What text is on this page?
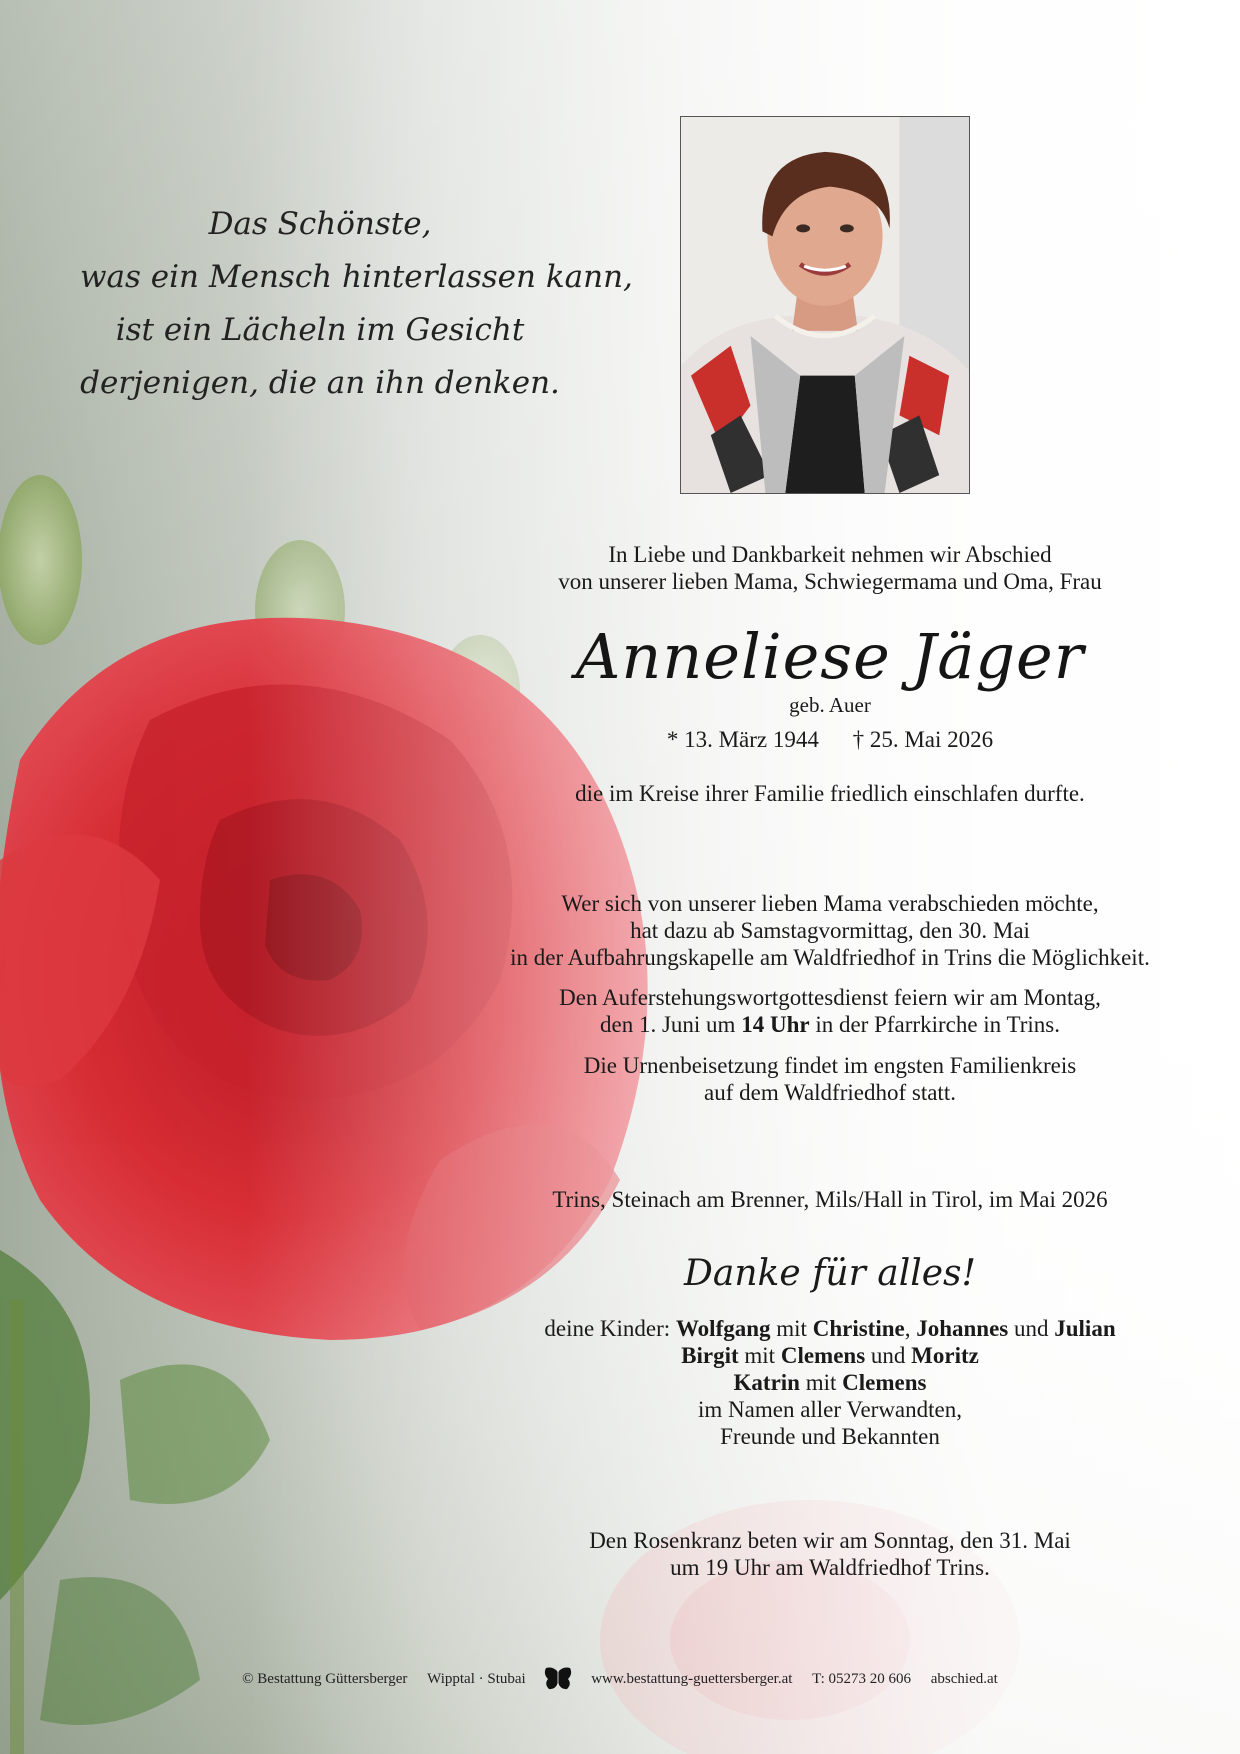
Das Schönste,
was ein Mensch hinterlassen kann,
ist ein Lächeln im Gesicht
derjenigen, die an ihn denken.
In Liebe und Dankbarkeit nehmen wir Abschied
von unserer lieben Mama, Schwiegermama und Oma, Frau
Anneliese Jäger
geb. Auer
* 13. März 1944 † 25. Mai 2026
die im Kreise ihrer Familie friedlich einschlafen durfte.
Wer sich von unserer lieben Mama verabschieden möchte,
hat dazu ab Samstagvormittag, den 30. Mai
in der Aufbahrungskapelle am Waldfriedhof in Trins die Möglichkeit.
Den Auferstehungswortgottesdienst feiern wir am Montag,
den 1. Juni um 14 Uhr in der Pfarrkirche in Trins.
Die Urnenbeisetzung findet im engsten Familienkreis
auf dem Waldfriedhof statt.
Trins, Steinach am Brenner, Mils/Hall in Tirol, im Mai 2026
Danke für alles!
deine Kinder: Wolfgang mit Christine, Johannes und Julian
Birgit mit Clemens und Moritz
Katrin mit Clemens
im Namen aller Verwandten,
Freunde und Bekannten
Den Rosenkranz beten wir am Sonntag, den 31. Mai
um 19 Uhr am Waldfriedhof Trins.
© Bestattung Güttersberger Wipptal · Stubai	www.bestattung-guettersberger.at T: 05273 20 606 abschied.at
